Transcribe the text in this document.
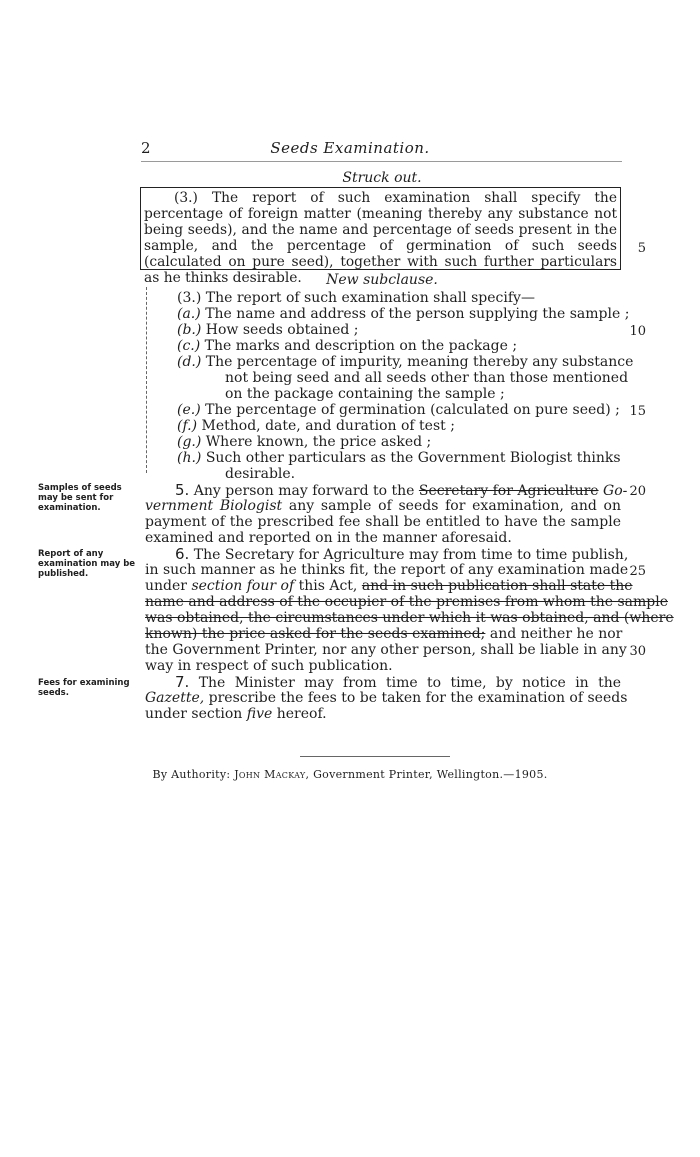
2	Seeds Examination.
Struck out.

(3.) The report of such examination shall specify the percentage of foreign matter (meaning thereby any substance not being seeds), and the name and percentage of seeds present in the sample, and the percentage of germination of such seeds (calculated on pure seed), together with such further particulars as he thinks desirable.	New subclause.
(3.) The report of such examination shall specify—
(a.) The name and address of the person supplying the sample ;
(b.) How seeds obtained ;
(c.) The marks and description on the package ;
(d.) The percentage of impurity, meaning thereby any substance
not being seed and all seeds other than those mentioned
on the package containing the sample ;
(e.) The percentage of germination (calculated on pure seed) ;
(f.) Method, date, and duration of test ;
(g.) Where known, the price asked ;
(h.) Such other particulars as the Government Biologist thinks
desirable.
5
10
15
20
25
30
Samples of seeds may be sent for examination.
Report of any examination may be published.
Fees for examining seeds.
5. Any person may forward to the Secretary for Agriculture Go-
vernment Biologist any sample of seeds for examination, and on
payment of the prescribed fee shall be entitled to have the sample
examined and reported on in the manner aforesaid.
6. The Secretary for Agriculture may from time to time publish,
in such manner as he thinks fit, the report of any examination made
under section four of this Act, and in such publication shall state the
name and address of the occupier of the premises from whom the sample
was obtained, the circumstances under which it was obtained, and (where
known) the price asked for the seeds examined; and neither he nor
the Government Printer, nor any other person, shall be liable in any
way in respect of such publication.
7. The Minister may from time to time, by notice in the
Gazette, prescribe the fees to be taken for the examination of seeds
under section five hereof.
By Authority: John Mackay, Government Printer, Wellington.—1905.
